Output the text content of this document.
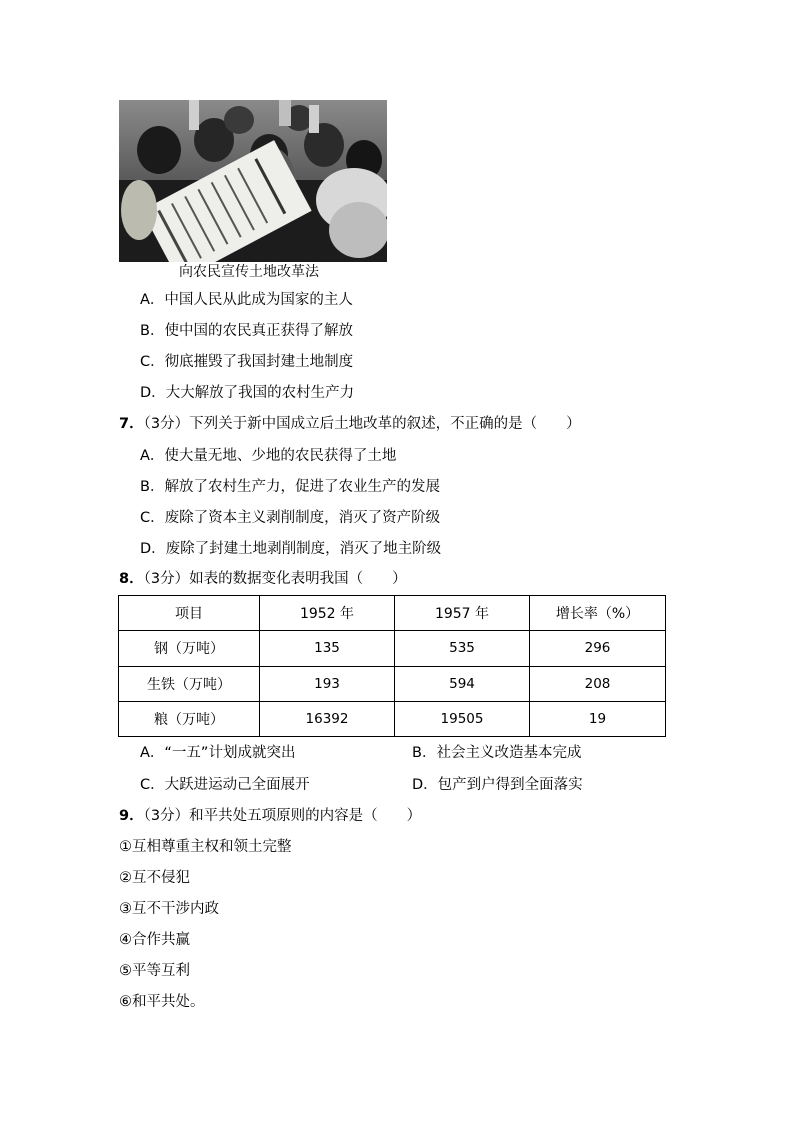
向农民宣传土地改革法
A．中国人民从此成为国家的主人
B．使中国的农民真正获得了解放
C．彻底摧毁了我国封建土地制度
D．大大解放了我国的农村生产力
7．（3分）下列关于新中国成立后土地改革的叙述，不正确的是（　　）
A．使大量无地、少地的农民获得了土地
B．解放了农村生产力，促进了农业生产的发展
C．废除了资本主义剥削制度，消灭了资产阶级
D．废除了封建土地剥削制度，消灭了地主阶级
8．（3分）如表的数据变化表明我国（　　）
项目	1952 年	1957 年	增长率（%）
钢（万吨）	135	535	296
生铁（万吨）	193	594	208
粮（万吨）	16392	19505	19
A．“一五”计划成就突出	B．社会主义改造基本完成
C．大跃进运动己全面展开	D．包产到户得到全面落实
9．（3分）和平共处五项原则的内容是（　　）
①互相尊重主权和领土完整
②互不侵犯
③互不干涉内政
④合作共赢
⑤平等互利
⑥和平共处。
